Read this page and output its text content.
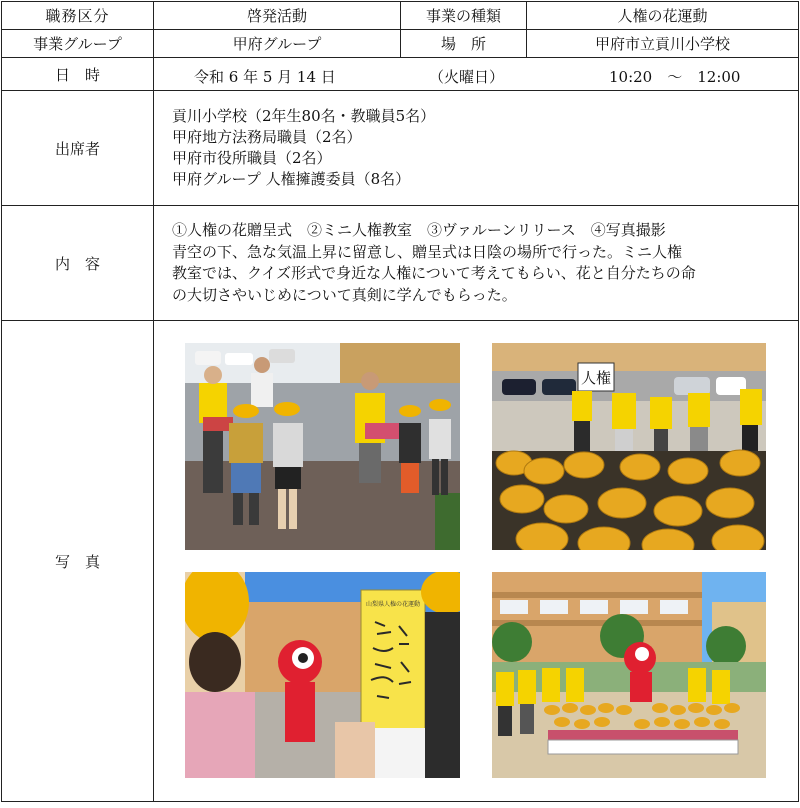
職務区分	啓発活動	事業の種類	人権の花運動
事業グループ	甲府グループ	場　所	甲府市立貢川小学校
日　時	令和 6 年 5 月 14 日 （火曜日） 10:20　～　12:00		

出席者	貢川小学校（2年生80名・教職員5名）
甲府地方法務局職員（2名）
甲府市役所職員（2名）
甲府グループ 人権擁護委員（8名）		

内　容	①人権の花贈呈式　②ミニ人権教室　③ヴァルーンリリース　④写真撮影
青空の下、急な気温上昇に留意し、贈呈式は日陰の場所で行った。ミニ人権
教室では、クイズ形式で身近な人権について考えてもらい、花と自分たちの命
の大切さやいじめについて真剣に学んでもらった。		

写　真	人権
山梨県人権の花運動		
